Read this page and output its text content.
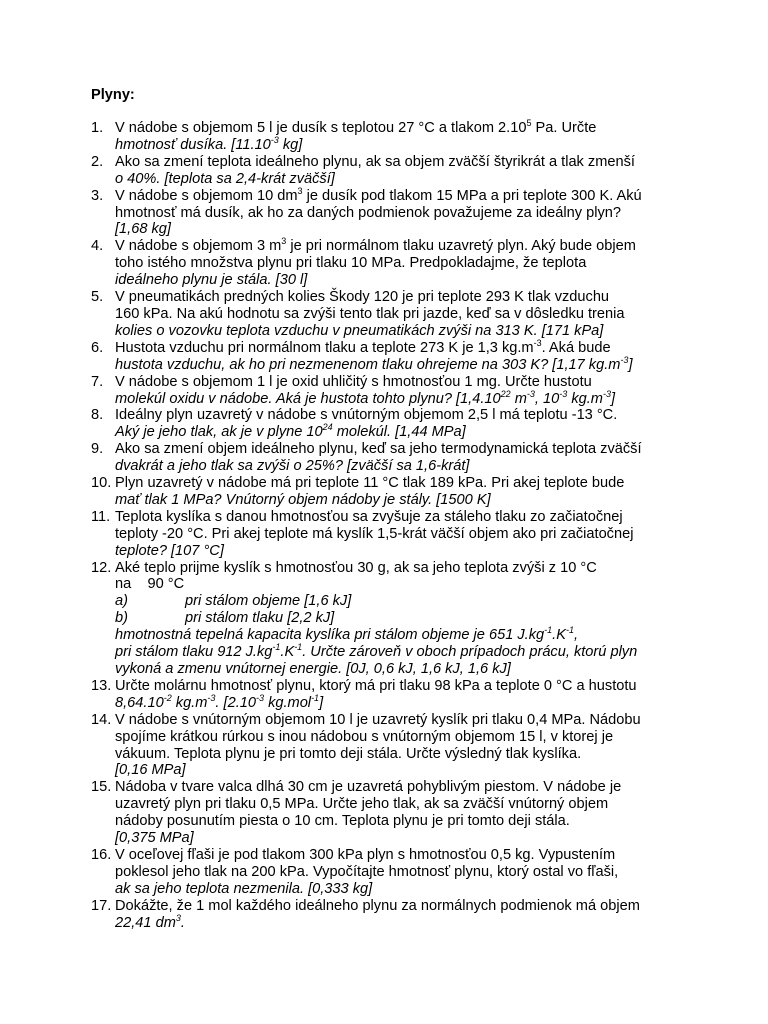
Plyny:
1. V nádobe s objemom 5 l je dusík s teplotou 27 °C a tlakom 2.10$^5$ Pa. Určte
hmotnosť dusíka. [$11.10^{-3}$ kg]
2. Ako sa zmení teplota ideálneho plynu, ak sa objem zväčší štyrikrát a tlak zmenší
o 40%. [teplota sa 2,4-krát zväčší]
3. V nádobe s objemom 10 $dm^3$ je dusík pod tlakom 15 MPa a pri teplote 300 K. Akú
hmotnosť má dusík, ak ho za daných podmienok považujeme za ideálny plyn?
[1,68 kg]
4. V nádobe s objemom 3 $m^3$ je pri normálnom tlaku uzavretý plyn. Aký bude objem
toho istého množstva plynu pri tlaku 10 MPa. Predpokladajme, že teplota
ideálneho plynu je stála. [30 l]
5. V pneumatikách predných kolies Škody 120 je pri teplote 293 K tlak vzduchu
160 kPa. Na akú hodnotu sa zvýši tento tlak pri jazde, keď sa v dôsledku trenia
kolies o vozovku teplota vzduchu v pneumatikách zvýši na 313 K. [171 kPa]
6. Hustota vzduchu pri normálnom tlaku a teplote 273 K je 1,3 $kg.m^{-3}$. Aká bude
hustota vzduchu, ak ho pri nezmenenom tlaku ohrejeme na 303 K? [1,17 $kg.m^{-3}$]
7. V nádobe s objemom 1 l je oxid uhličitý s hmotnosťou 1 mg. Určte hustotu
molekúl oxidu v nádobe. Aká je hustota tohto plynu? [1,4.10$^{22}$ $m^{-3}$, $10^{-3}$ $kg.m^{-3}$]
8. Ideálny plyn uzavretý v nádobe s vnútorným objemom 2,5 l má teplotu -13 °C.
Aký je jeho tlak, ak je v plyne $10^{24}$ molekúl. [1,44 MPa]
9. Ako sa zmení objem ideálneho plynu, keď sa jeho termodynamická teplota zväčší
dvakrát a jeho tlak sa zvýši o 25%? [zväčší sa 1,6-krát]
10. Plyn uzavretý v nádobe má pri teplote 11 °C tlak 189 kPa. Pri akej teplote bude
mať tlak 1 MPa? Vnútorný objem nádoby je stály. [1500 K]
11. Teplota kyslíka s danou hmotnosťou sa zvyšuje za stáleho tlaku zo začiatočnej
teploty -20 °C. Pri akej teplote má kyslík 1,5-krát väčší objem ako pri začiatočnej
teplote? [107 °C]
12. Aké teplo prijme kyslík s hmotnosťou 30 g, ak sa jeho teplota zvýši z 10 °C
na    90 °C
a)	pri stálom objeme [1,6 kJ]
b)	pri stálom tlaku [2,2 kJ]
hmotnostná tepelná kapacita kyslíka pri stálom objeme je 651 $J.kg^{-1}.K^{-1}$,
pri stálom tlaku 912 $J.kg^{-1}.K^{-1}$. Určte zároveň v oboch prípadoch prácu, ktorú plyn
vykoná a zmenu vnútornej energie. [0J, 0,6 kJ, 1,6 kJ, 1,6 kJ]
13. Určte molárnu hmotnosť plynu, ktorý má pri tlaku 98 kPa a teplote 0 °C a hustotu
$8,64.10^{-2}$ $kg.m^{-3}$. [$2.10^{-3}$ kg.mol$^{-1}$]
14. V nádobe s vnútorným objemom 10 l je uzavretý kyslík pri tlaku 0,4 MPa. Nádobu
spojíme krátkou rúrkou s inou nádobou s vnútorným objemom 15 l, v ktorej je
vákuum. Teplota plynu je pri tomto deji stála. Určte výsledný tlak kyslíka.
[0,16 MPa]
15. Nádoba v tvare valca dlhá 30 cm je uzavretá pohyblivým piestom. V nádobe je
uzavretý plyn pri tlaku 0,5 MPa. Určte jeho tlak, ak sa zväčší vnútorný objem
nádoby posunutím piesta o 10 cm. Teplota plynu je pri tomto deji stála.
[0,375 MPa]
16. V oceľovej fľaši je pod tlakom 300 kPa plyn s hmotnosťou 0,5 kg. Vypustením
poklesol jeho tlak na 200 kPa. Vypočítajte hmotnosť plynu, ktorý ostal vo fľaši,
ak sa jeho teplota nezmenila. [0,333 kg]
17. Dokážte, že 1 mol každého ideálneho plynu za normálnych podmienok má objem
22,41 $dm^3$.
